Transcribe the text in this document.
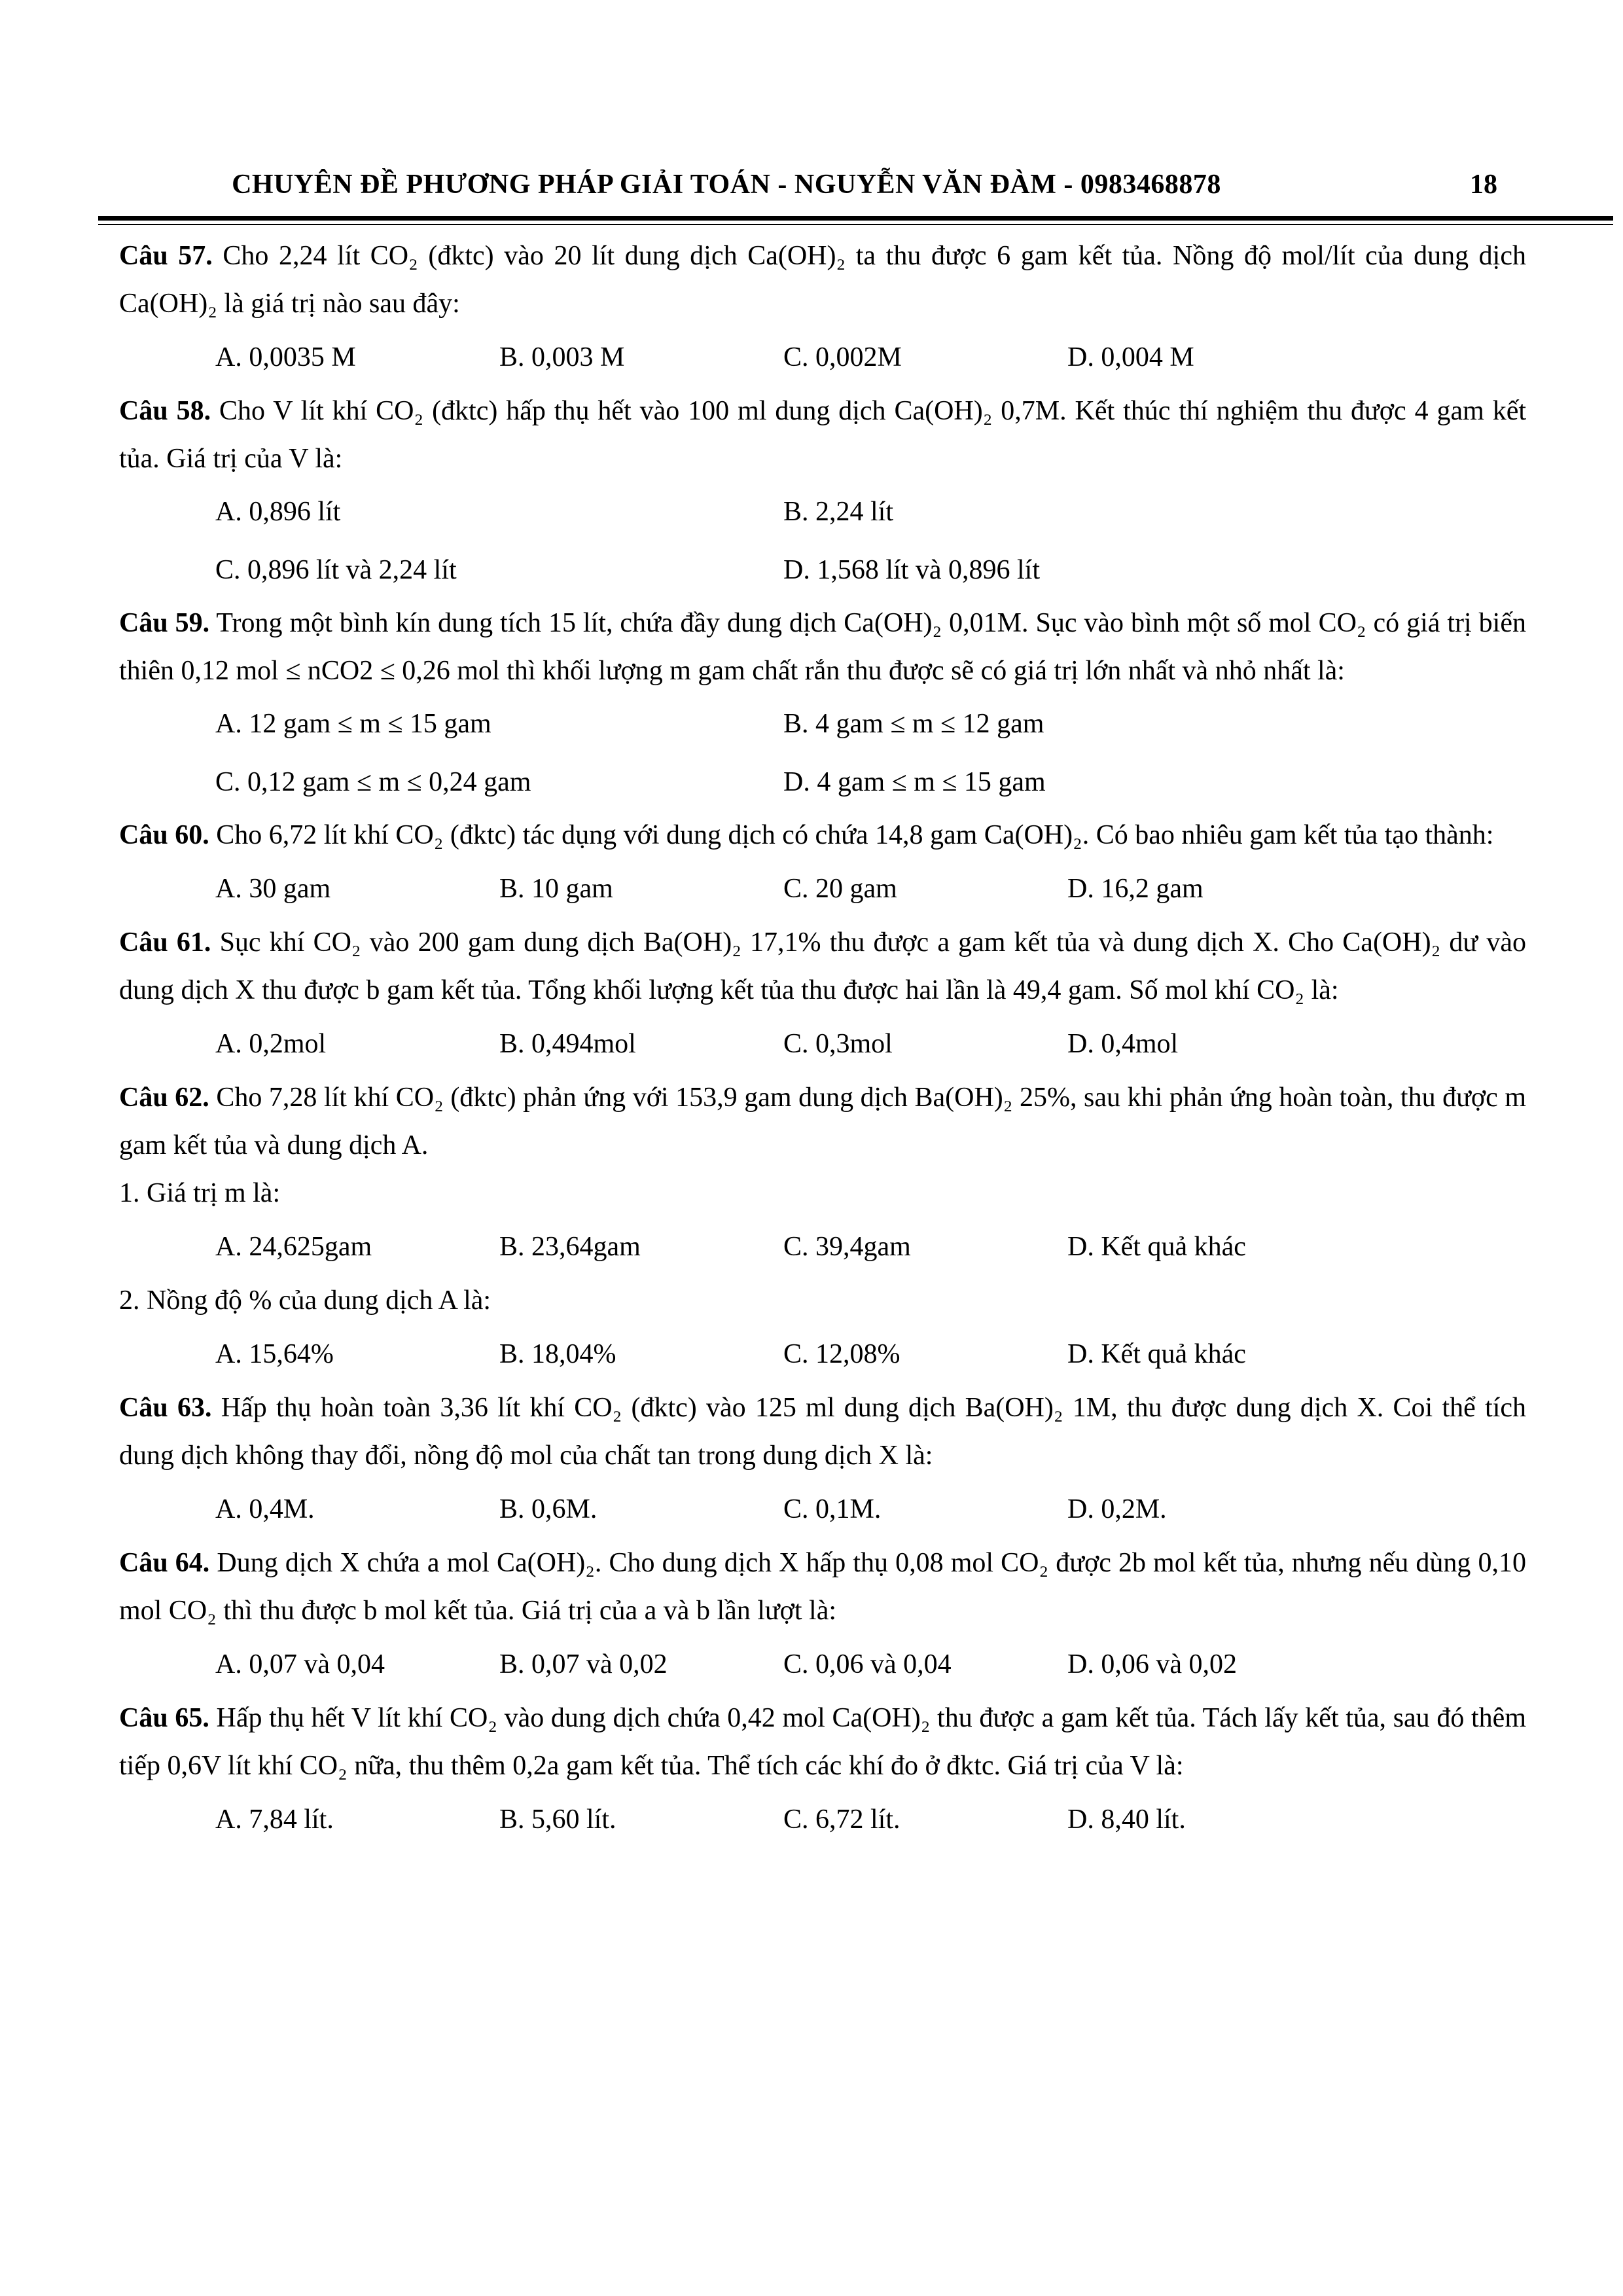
CHUYÊN ĐỀ PHƯƠNG PHÁP GIẢI TOÁN - NGUYỄN VĂN ĐÀM - 0983468878	18

Câu 57. Cho 2,24 lít CO₂ (đktc) vào 20 lít dung dịch Ca(OH)₂ ta thu được 6 gam kết tủa. Nồng độ mol/lít của dung dịch Ca(OH)₂ là giá trị nào sau đây:

A. 0,0035 M	B. 0,003 M	C. 0,002M	D. 0,004 M

Câu 58. Cho V lít khí CO₂ (đktc) hấp thụ hết vào 100 ml dung dịch Ca(OH)₂ 0,7M. Kết thúc thí nghiệm thu được 4 gam kết tủa. Giá trị của V là:

A. 0,896 lít	B. 2,24 lít
C. 0,896 lít và 2,24 lít	D. 1,568 lít và 0,896 lít

Câu 59. Trong một bình kín dung tích 15 lít, chứa đầy dung dịch Ca(OH)₂ 0,01M. Sục vào bình một số mol CO₂ có giá trị biến thiên 0,12 mol ≤ nCO2 ≤ 0,26 mol thì khối lượng m gam chất rắn thu được sẽ có giá trị lớn nhất và nhỏ nhất là:

A. 12 gam ≤ m ≤ 15 gam	B. 4 gam ≤ m ≤ 12 gam
C. 0,12 gam ≤ m ≤ 0,24 gam	D. 4 gam ≤ m ≤ 15 gam

Câu 60. Cho 6,72 lít khí CO₂ (đktc) tác dụng với dung dịch có chứa 14,8 gam Ca(OH)₂. Có bao nhiêu gam kết tủa tạo thành:

A. 30 gam	B. 10 gam	C. 20 gam	D. 16,2 gam

Câu 61. Sục khí CO₂ vào 200 gam dung dịch Ba(OH)₂ 17,1% thu được a gam kết tủa và dung dịch X. Cho Ca(OH)₂ dư vào dung dịch X thu được b gam kết tủa. Tổng khối lượng kết tủa thu được hai lần là 49,4 gam. Số mol khí CO₂ là:

A. 0,2mol	B. 0,494mol	C. 0,3mol	D. 0,4mol

Câu 62. Cho 7,28 lít khí CO₂ (đktc) phản ứng với 153,9 gam dung dịch Ba(OH)₂ 25%, sau khi phản ứng hoàn toàn, thu được m gam kết tủa và dung dịch A.

1. Giá trị m là:

A. 24,625gam	B. 23,64gam	C. 39,4gam	D. Kết quả khác

2. Nồng độ % của dung dịch A là:

A. 15,64%	B. 18,04%	C. 12,08%	D. Kết quả khác

Câu 63. Hấp thụ hoàn toàn 3,36 lít khí CO₂ (đktc) vào 125 ml dung dịch Ba(OH)₂ 1M, thu được dung dịch X. Coi thể tích dung dịch không thay đổi, nồng độ mol của chất tan trong dung dịch X là:

A. 0,4M.	B. 0,6M.	C. 0,1M.	D. 0,2M.

Câu 64. Dung dịch X chứa a mol Ca(OH)₂. Cho dung dịch X hấp thụ 0,08 mol CO₂ được 2b mol kết tủa, nhưng nếu dùng 0,10 mol CO₂ thì thu được b mol kết tủa. Giá trị của a và b lần lượt là:

A. 0,07 và 0,04	B. 0,07 và 0,02	C. 0,06 và 0,04	D. 0,06 và 0,02

Câu 65. Hấp thụ hết V lít khí CO₂ vào dung dịch chứa 0,42 mol Ca(OH)₂ thu được a gam kết tủa. Tách lấy kết tủa, sau đó thêm tiếp 0,6V lít khí CO₂ nữa, thu thêm 0,2a gam kết tủa. Thể tích các khí đo ở đktc. Giá trị của V là:

A. 7,84 lít.	B. 5,60 lít.	C. 6,72 lít.	D. 8,40 lít.
